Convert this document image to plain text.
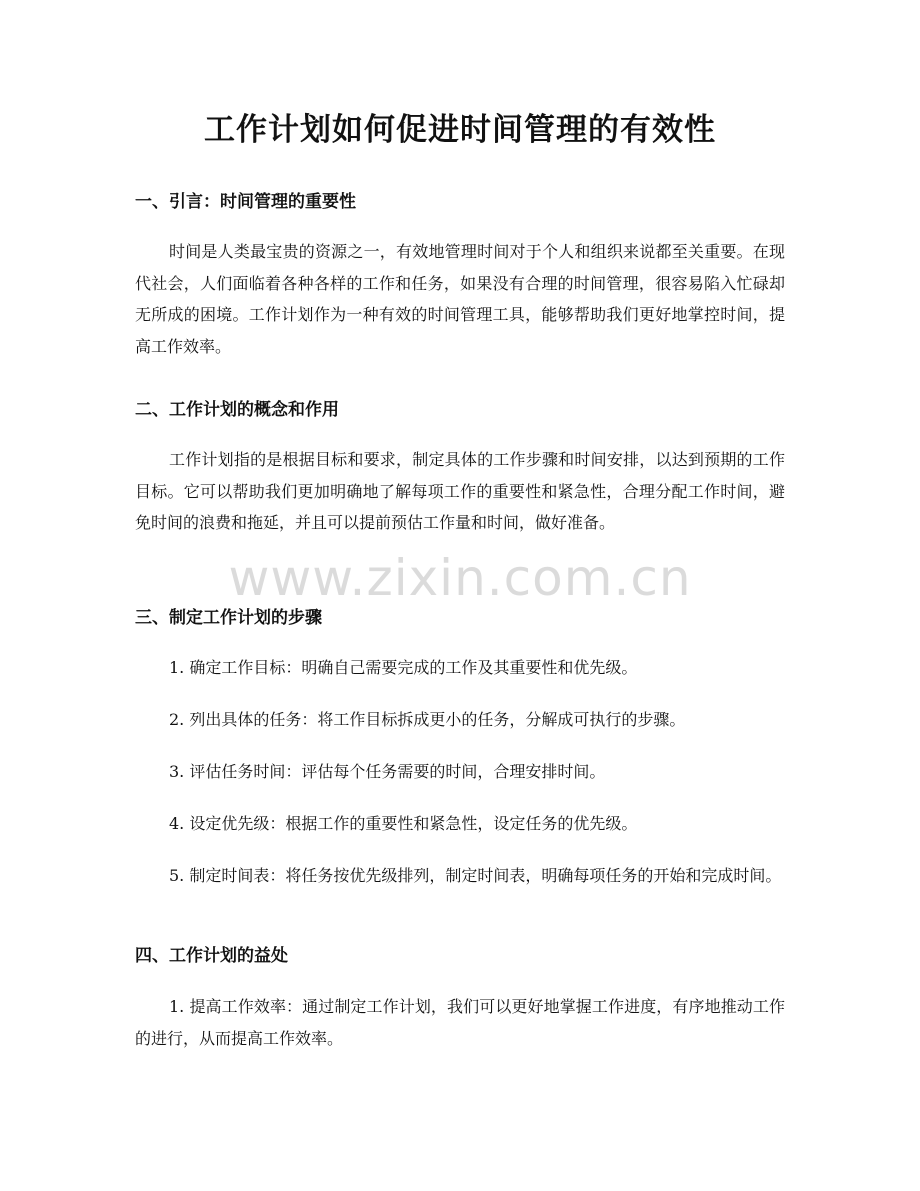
工作计划如何促进时间管理的有效性
一、引言：时间管理的重要性

时间是人类最宝贵的资源之一，有效地管理时间对于个人和组织来说都至关重要。在现代社会，人们面临着各种各样的工作和任务，如果没有合理的时间管理，很容易陷入忙碌却无所成的困境。工作计划作为一种有效的时间管理工具，能够帮助我们更好地掌控时间，提高工作效率。

二、工作计划的概念和作用

工作计划指的是根据目标和要求，制定具体的工作步骤和时间安排，以达到预期的工作目标。它可以帮助我们更加明确地了解每项工作的重要性和紧急性，合理分配工作时间，避免时间的浪费和拖延，并且可以提前预估工作量和时间，做好准备。

三、制定工作计划的步骤

1. 确定工作目标：明确自己需要完成的工作及其重要性和优先级。

2. 列出具体的任务：将工作目标拆成更小的任务，分解成可执行的步骤。

3. 评估任务时间：评估每个任务需要的时间，合理安排时间。

4. 设定优先级：根据工作的重要性和紧急性，设定任务的优先级。

5. 制定时间表：将任务按优先级排列，制定时间表，明确每项任务的开始和完成时间。

四、工作计划的益处

1. 提高工作效率：通过制定工作计划，我们可以更好地掌握工作进度，有序地推动工作的进行，从而提高工作效率。

www.zixin.com.cn
